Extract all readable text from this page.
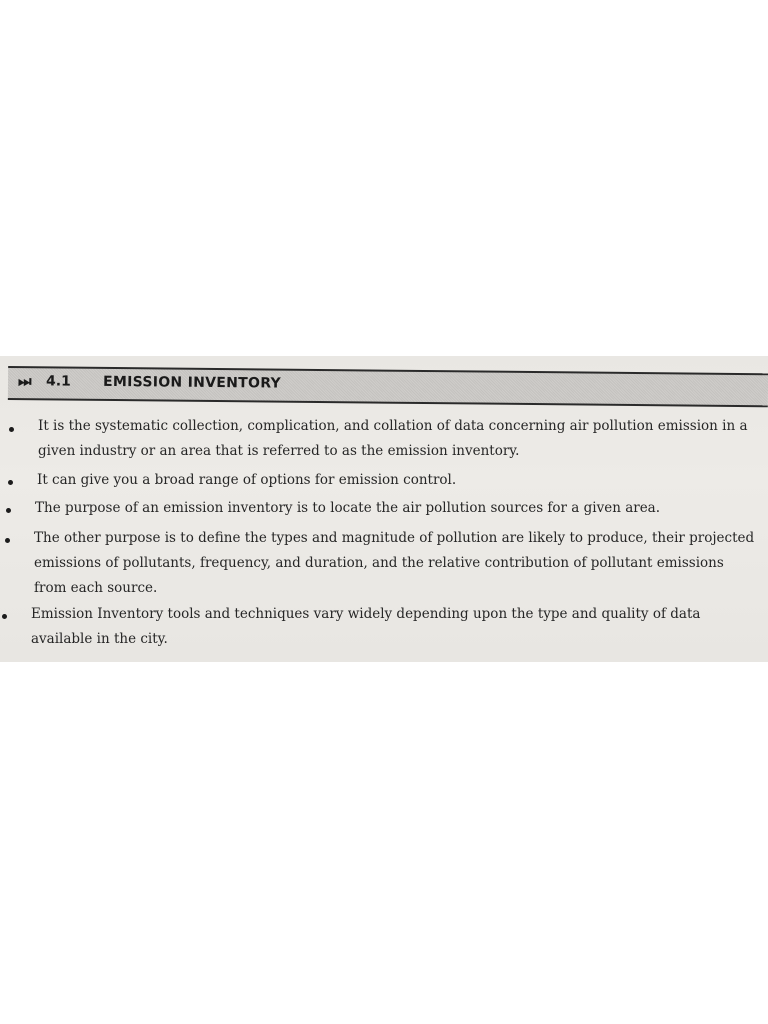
⏭ 4.1 EMISSION INVENTORY
It is the systematic collection, complication, and collation of data concerning air pollution emission in a given industry or an area that is referred to as the emission inventory.
It can give you a broad range of options for emission control.
The purpose of an emission inventory is to locate the air pollution sources for a given area.
The other purpose is to define the types and magnitude of pollution are likely to produce, their projected emissions of pollutants, frequency, and duration, and the relative contribution of pollutant emissions from each source.
Emission Inventory tools and techniques vary widely depending upon the type and quality of data available in the city.
